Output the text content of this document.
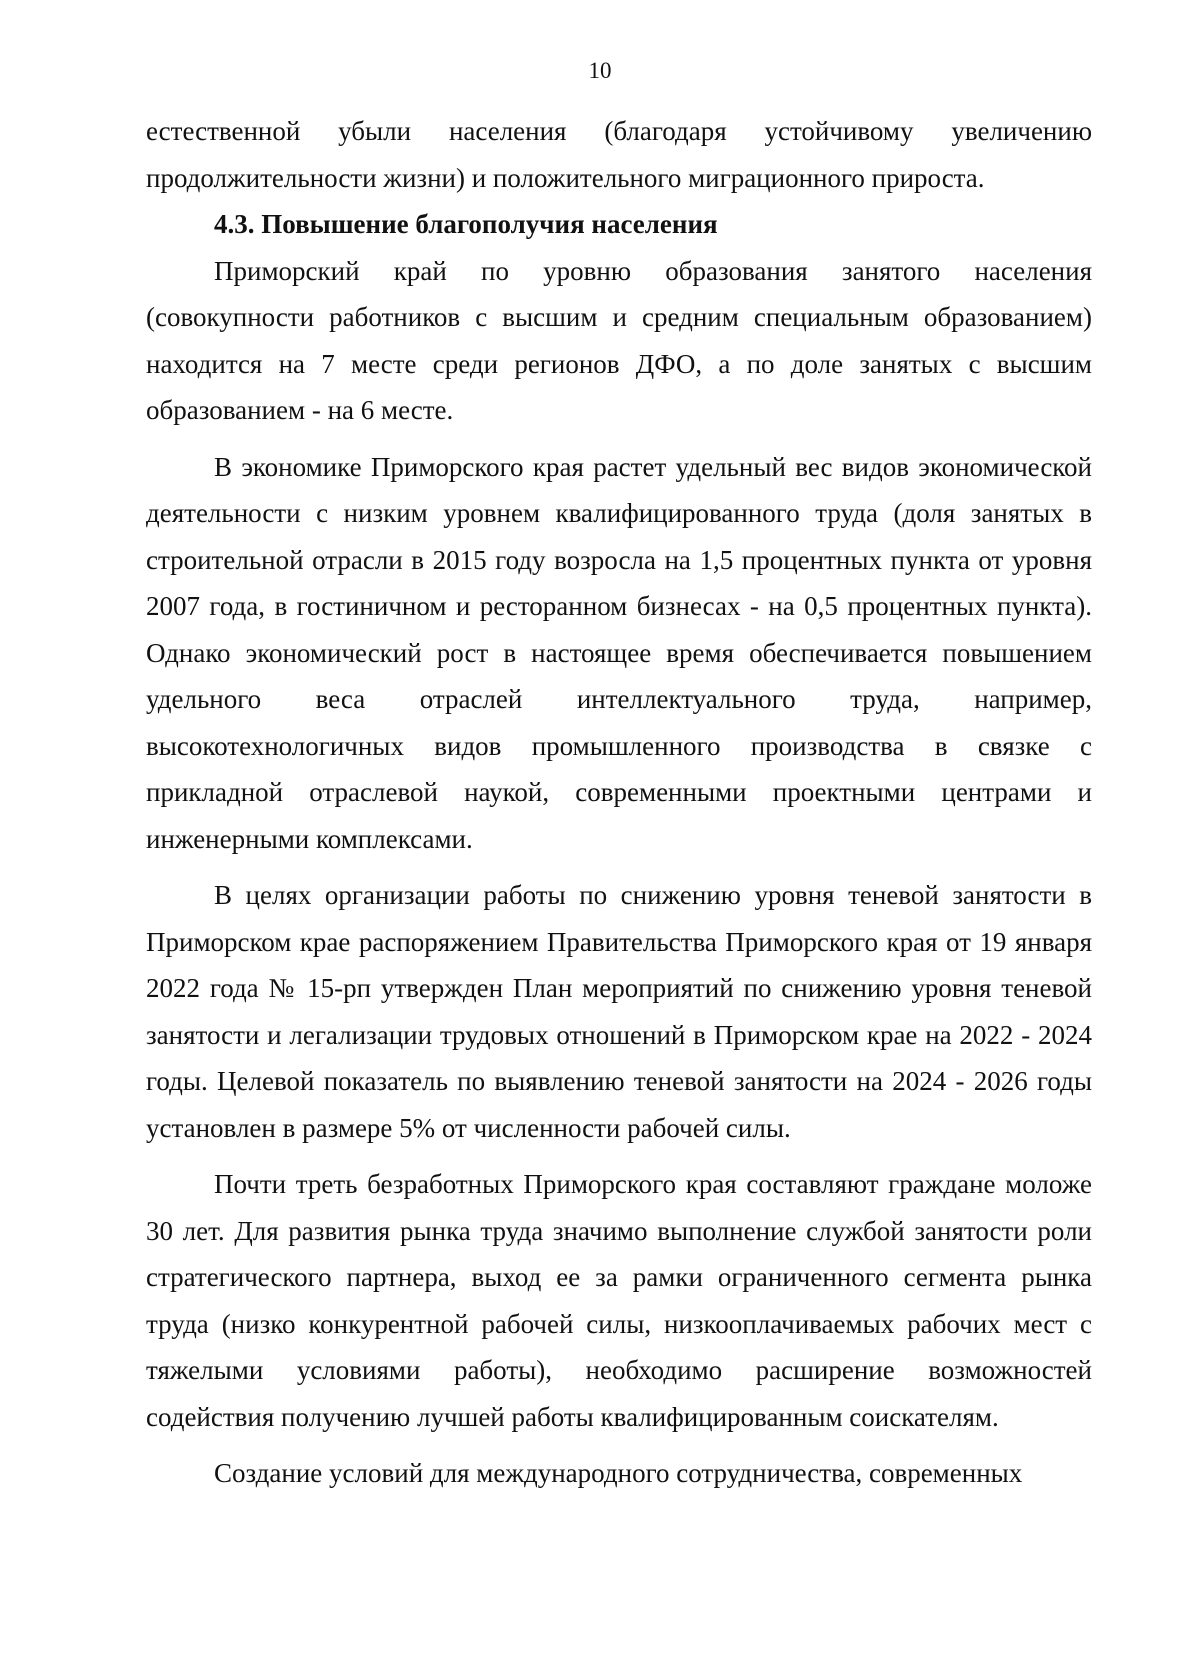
10

естественной убыли населения (благодаря устойчивому увеличению продолжительности жизни) и положительного миграционного прироста.

4.3. Повышение благополучия населения

Приморский край по уровню образования занятого населения (совокупности работников с высшим и средним специальным образованием) находится на 7 месте среди регионов ДФО, а по доле занятых с высшим образованием - на 6 месте.

В экономике Приморского края растет удельный вес видов экономической деятельности с низким уровнем квалифицированного труда (доля занятых в строительной отрасли в 2015 году возросла на 1,5 процентных пункта от уровня 2007 года, в гостиничном и ресторанном бизнесах - на 0,5 процентных пункта). Однако экономический рост в настоящее время обеспечивается повышением удельного веса отраслей интеллектуального труда, например, высокотехнологичных видов промышленного производства в связке с прикладной отраслевой наукой, современными проектными центрами и инженерными комплексами.

В целях организации работы по снижению уровня теневой занятости в Приморском крае распоряжением Правительства Приморского края от 19 января 2022 года № 15-рп утвержден План мероприятий по снижению уровня теневой занятости и легализации трудовых отношений в Приморском крае на 2022 - 2024 годы. Целевой показатель по выявлению теневой занятости на 2024 - 2026 годы установлен в размере 5% от численности рабочей силы.

Почти треть безработных Приморского края составляют граждане моложе 30 лет. Для развития рынка труда значимо выполнение службой занятости роли стратегического партнера, выход ее за рамки ограниченного сегмента рынка труда (низко конкурентной рабочей силы, низкооплачиваемых рабочих мест с тяжелыми условиями работы), необходимо расширение возможностей содействия получению лучшей работы квалифицированным соискателям.

Создание условий для международного сотрудничества, современных
